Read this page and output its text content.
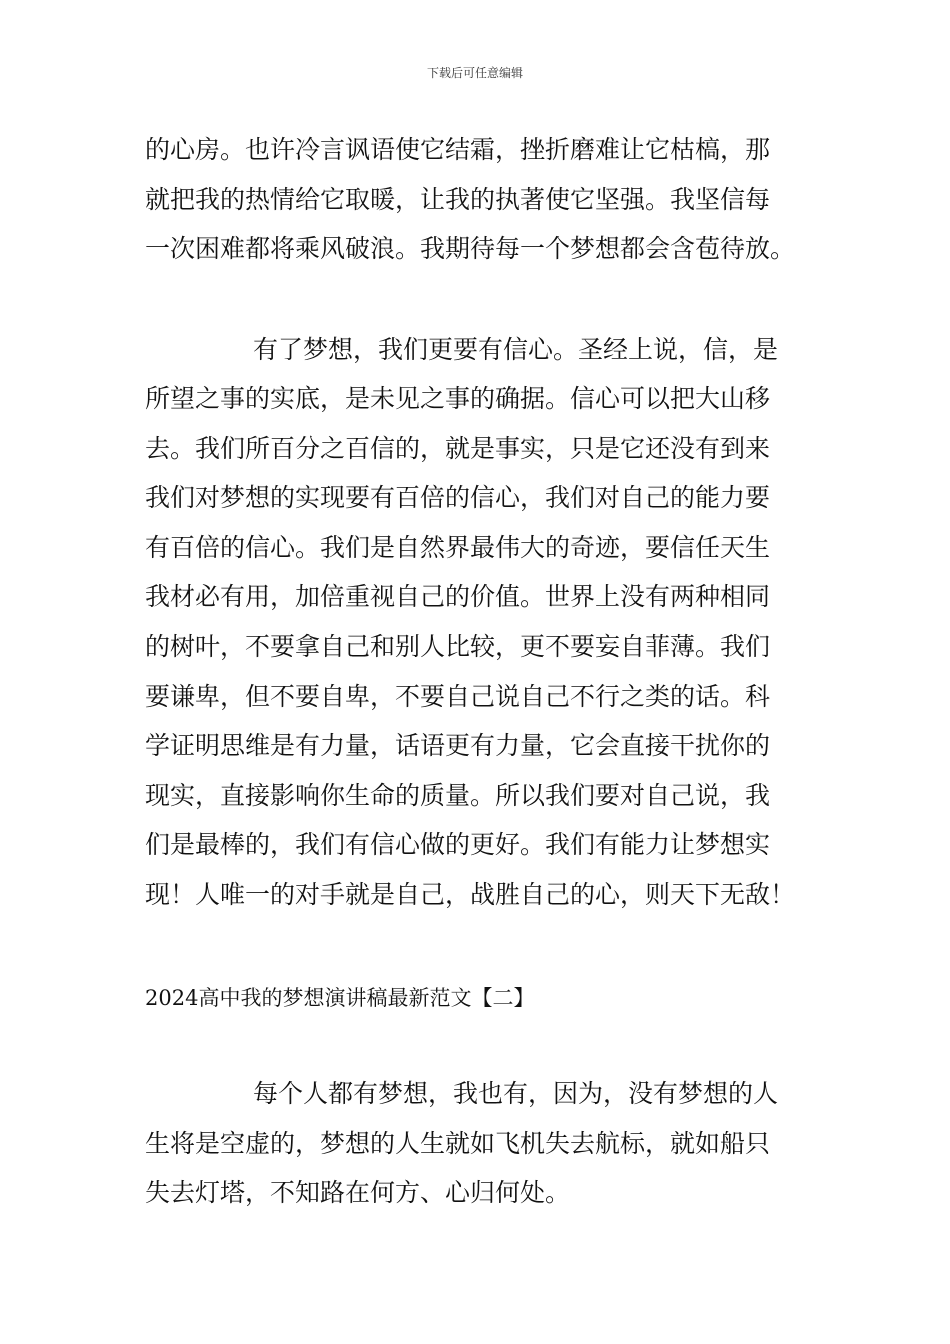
下载后可任意编辑
的心房。也许冷言讽语使它结霜，挫折磨难让它枯槁，那
就把我的热情给它取暖，让我的执著使它坚强。我坚信每
一次困难都将乘风破浪。我期待每一个梦想都会含苞待放。
有了梦想，我们更要有信心。圣经上说，信，是
所望之事的实底，是未见之事的确据。信心可以把大山移
去。我们所百分之百信的，就是事实，只是它还没有到来
我们对梦想的实现要有百倍的信心，我们对自己的能力要
有百倍的信心。我们是自然界最伟大的奇迹，要信任天生
我材必有用，加倍重视自己的价值。世界上没有两种相同
的树叶，不要拿自己和别人比较，更不要妄自菲薄。我们
要谦卑，但不要自卑，不要自己说自己不行之类的话。科
学证明思维是有力量，话语更有力量，它会直接干扰你的
现实，直接影响你生命的质量。所以我们要对自己说，我
们是最棒的，我们有信心做的更好。我们有能力让梦想实
现！人唯一的对手就是自己，战胜自己的心，则天下无敌！
2024高中我的梦想演讲稿最新范文【二】
每个人都有梦想，我也有，因为，没有梦想的人
生将是空虚的，梦想的人生就如飞机失去航标，就如船只
失去灯塔，不知路在何方、心归何处。
